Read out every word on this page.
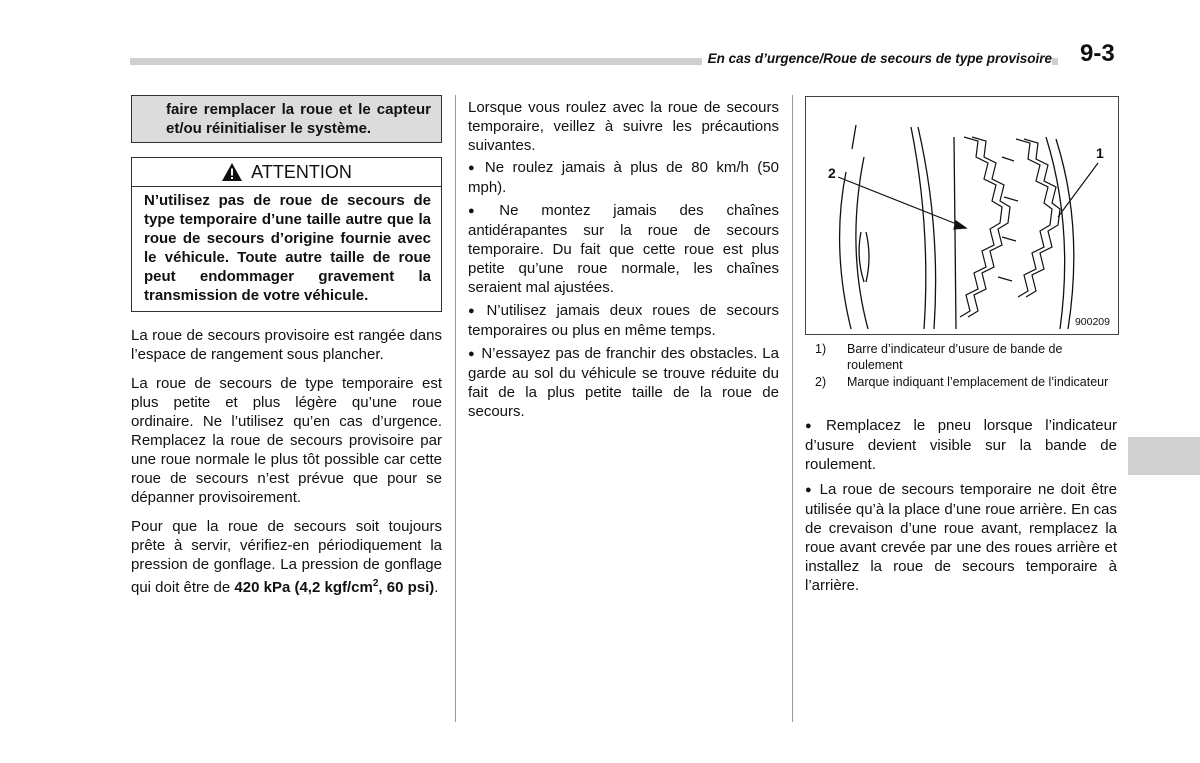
En cas d’urgence/Roue de secours de type provisoire 9-3
faire remplacer la roue et le capteur et/ou réinitialiser le système.
ATTENTION
N’utilisez pas de roue de secours de type temporaire d’une taille autre que la roue de secours d’origine fournie avec le véhicule. Toute autre taille de roue peut endommager gravement la transmission de votre véhicule.

La roue de secours provisoire est rangée dans l’espace de rangement sous plancher.

La roue de secours de type temporaire est plus petite et plus légère qu’une roue ordinaire. Ne l’utilisez qu’en cas d’urgence. Remplacez la roue de secours provisoire par une roue normale le plus tôt possible car cette roue de secours n’est prévue que pour se dépanner provisoirement.

Pour que la roue de secours soit toujours prête à servir, vérifiez-en périodiquement la pression de gonflage. La pression de gonflage qui doit être de 420 kPa (4,2 kgf/$cm^2$, 60 psi).

Lorsque vous roulez avec la roue de secours temporaire, veillez à suivre les précautions suivantes.

● Ne roulez jamais à plus de 80 km/h (50 mph).
● Ne montez jamais des chaînes antidérapantes sur la roue de secours temporaire. Du fait que cette roue est plus petite qu’une roue normale, les chaînes seraient mal ajustées.
● N’utilisez jamais deux roues de secours temporaires ou plus en même temps.
● N’essayez pas de franchir des obstacles. La garde au sol du véhicule se trouve réduite du fait de la plus petite taille de la roue de secours.
1
2
900209
1)	Barre d’indicateur d’usure de bande de roulement
2)	Marque indiquant l’emplacement de l’indicateur
● Remplacez le pneu lorsque l’indicateur d’usure devient visible sur la bande de roulement.
● La roue de secours temporaire ne doit être utilisée qu’à la place d’une roue arrière. En cas de crevaison d’une roue avant, remplacez la roue avant crevée par une des roues arrière et installez la roue de secours temporaire à l’arrière.
